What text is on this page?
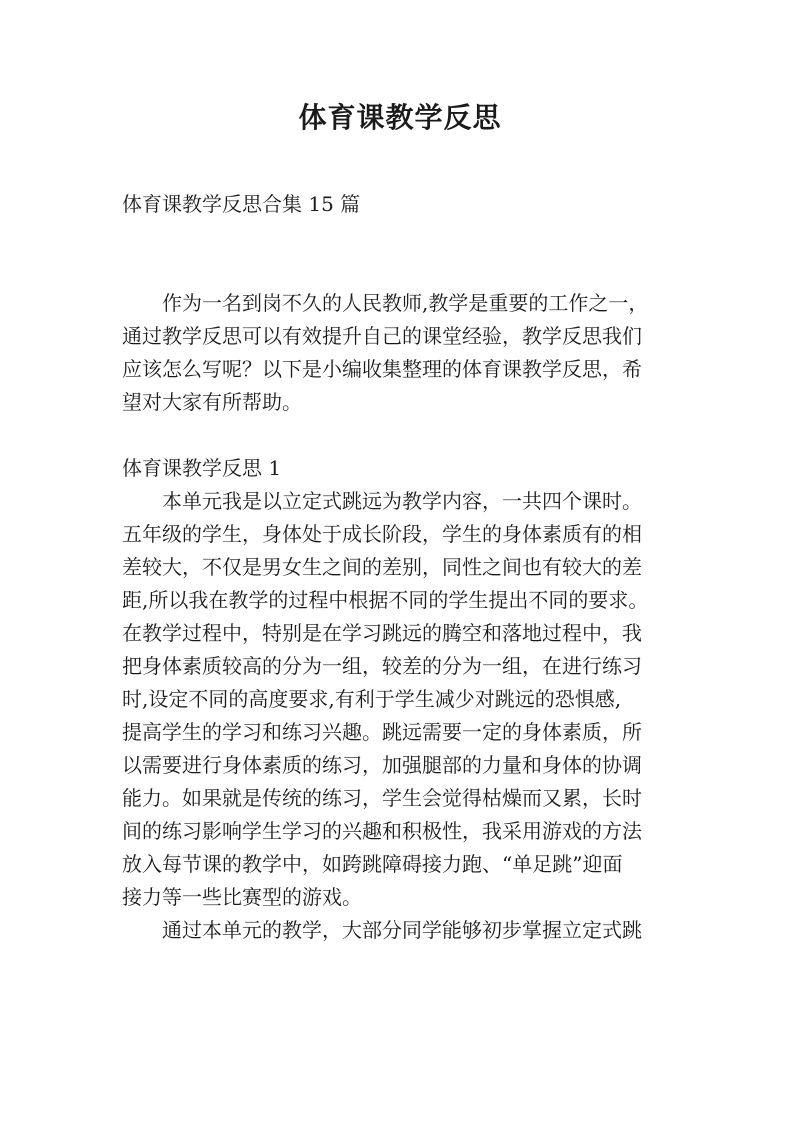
体育课教学反思
体育课教学反思合集 15 篇
作为一名到岗不久的人民教师,教学是重要的工作之一，
通过教学反思可以有效提升自己的课堂经验，教学反思我们
应该怎么写呢？以下是小编收集整理的体育课教学反思，希
望对大家有所帮助。
体育课教学反思 1
本单元我是以立定式跳远为教学内容，一共四个课时。
五年级的学生，身体处于成长阶段，学生的身体素质有的相
差较大，不仅是男女生之间的差别，同性之间也有较大的差
距,所以我在教学的过程中根据不同的学生提出不同的要求。
在教学过程中，特别是在学习跳远的腾空和落地过程中，我
把身体素质较高的分为一组，较差的分为一组，在进行练习
时,设定不同的高度要求,有利于学生减少对跳远的恐惧感,
提高学生的学习和练习兴趣。跳远需要一定的身体素质，所
以需要进行身体素质的练习，加强腿部的力量和身体的协调
能力。如果就是传统的练习，学生会觉得枯燥而又累，长时
间的练习影响学生学习的兴趣和积极性，我采用游戏的方法
放入每节课的教学中，如跨跳障碍接力跑、“单足跳”迎面
接力等一些比赛型的游戏。
通过本单元的教学，大部分同学能够初步掌握立定式跳
